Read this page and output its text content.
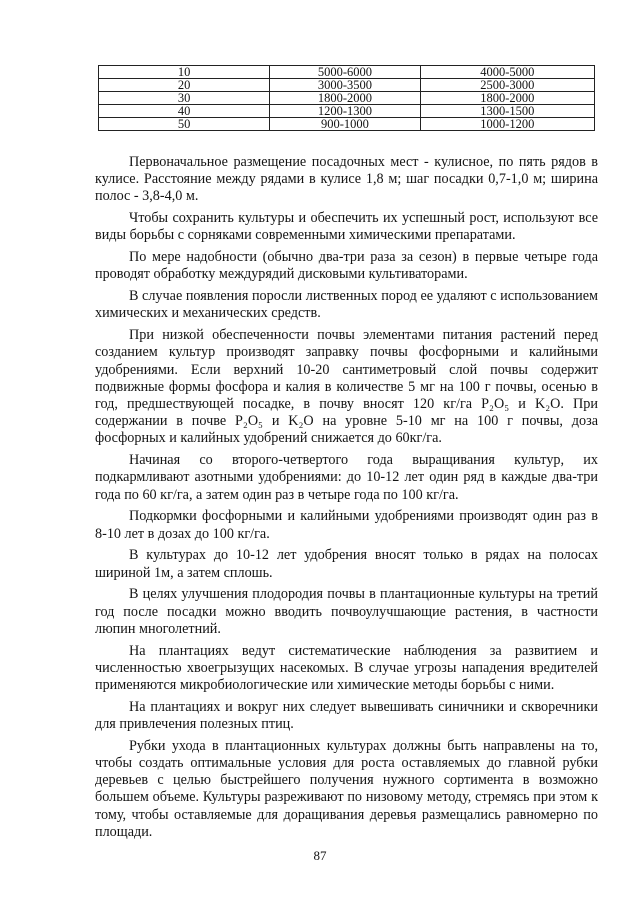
10	5000-6000	4000-5000
20	3000-3500	2500-3000
30	1800-2000	1800-2000
40	1200-1300	1300-1500
50	900-1000	1000-1200

Первоначальное размещение посадочных мест - кулисное, по пять рядов в кулисе. Расстояние между рядами в кулисе 1,8 м; шаг посадки 0,7-1,0 м; ширина полос - 3,8-4,0 м.

Чтобы сохранить культуры и обеспечить их успешный рост, используют все виды борьбы с сорняками современными химическими препаратами.

По мере надобности (обычно два-три раза за сезон) в первые четыре года проводят обработку междурядий дисковыми культиваторами.

В случае появления поросли лиственных пород ее удаляют с использованием химических и механических средств.

При низкой обеспеченности почвы элементами питания растений перед созданием культур производят заправку почвы фосфорными и калийными удобрениями. Если верхний 10-20 сантиметровый слой почвы содержит подвижные формы фосфора и калия в количестве 5 мг на 100 г почвы, осенью в год, предшествующей посадке, в почву вносят 120 кг/га P₂O₅ и K₂O. При содержании в почве P₂O₅ и K₂O на уровне 5-10 мг на 100 г почвы, доза фосфорных и калийных удобрений снижается до 60кг/га.

Начиная со второго-четвертого года выращивания культур, их подкармливают азотными удобрениями: до 10-12 лет один ряд в каждые два-три года по 60 кг/га, а затем один раз в четыре года по 100 кг/га.

Подкормки фосфорными и калийными удобрениями производят один раз в 8-10 лет в дозах до 100 кг/га.

В культурах до 10-12 лет удобрения вносят только в рядах на полосах шириной 1м, а затем сплошь.

В целях улучшения плодородия почвы в плантационные культуры на третий год после посадки можно вводить почвоулучшающие растения, в частности люпин многолетний.

На плантациях ведут систематические наблюдения за развитием и численностью хвоегрызущих насекомых. В случае угрозы нападения вредителей применяются микробиологические или химические методы борьбы с ними.

На плантациях и вокруг них следует вывешивать синичники и скворечники для привлечения полезных птиц.

Рубки ухода в плантационных культурах должны быть направлены на то, чтобы создать оптимальные условия для роста оставляемых до главной рубки деревьев с целью быстрейшего получения нужного сортимента в возможно большем объеме. Культуры разреживают по низовому методу, стремясь при этом к тому, чтобы оставляемые для доращивания деревья размещались равномерно по площади.

87
